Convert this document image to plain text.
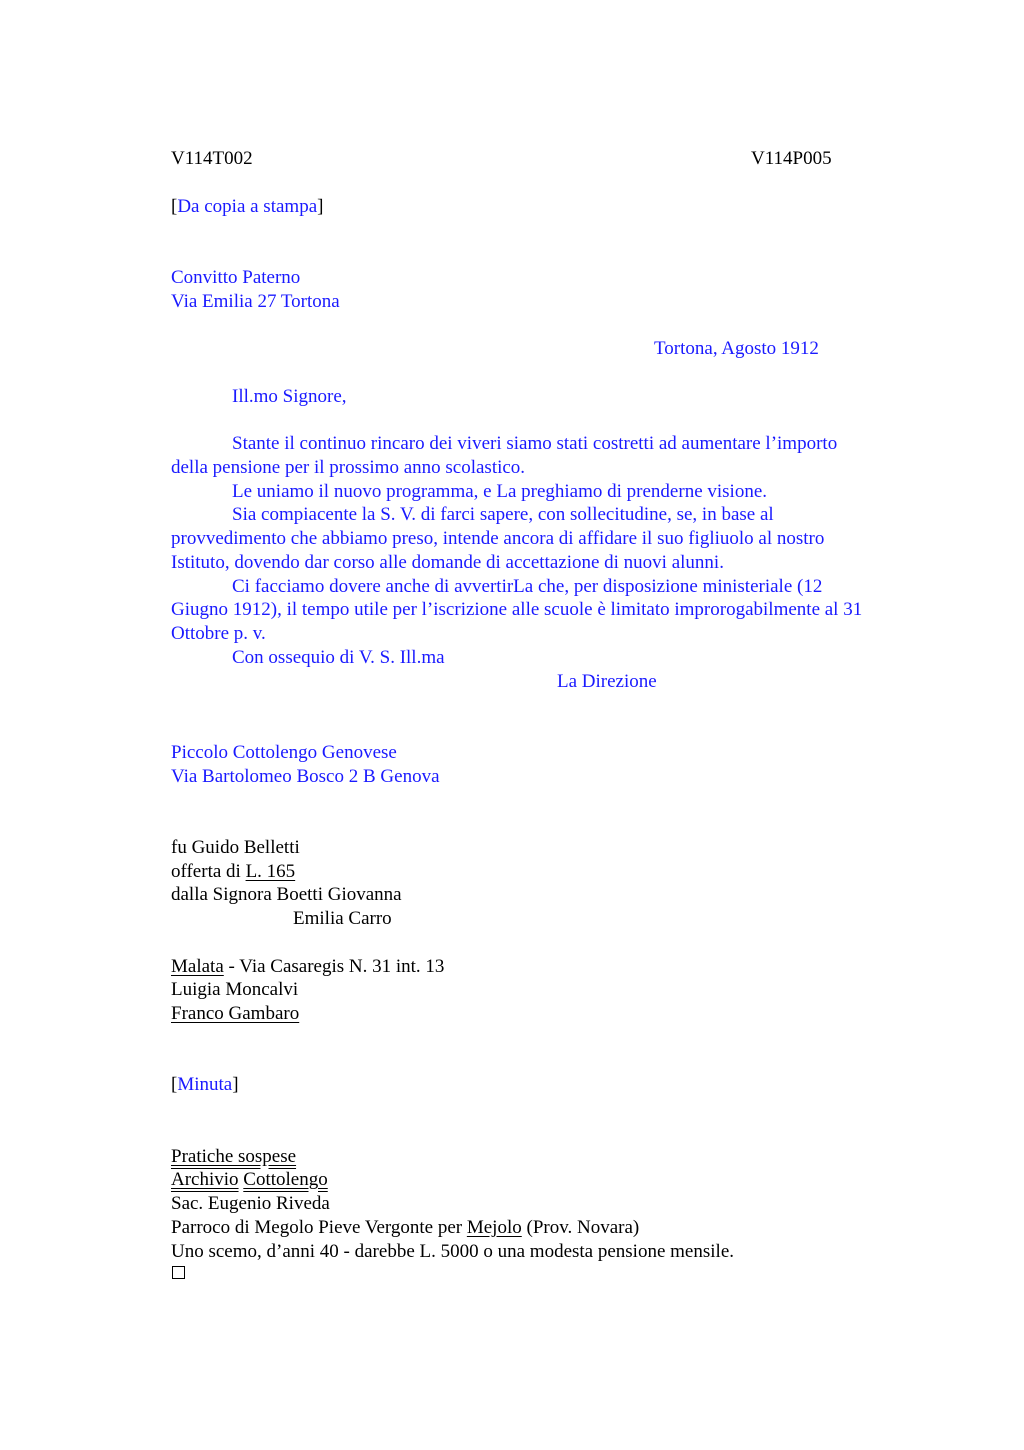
V114T002	V114P005
[Da copia a stampa]
Convitto Paterno
Via Emilia 27 Tortona
Tortona, Agosto 1912
Ill.mo Signore,
Stante il continuo rincaro dei viveri siamo stati costretti ad aumentare l’importo
della pensione per il prossimo anno scolastico.
Le uniamo il nuovo programma, e La preghiamo di prenderne visione.
Sia compiacente la S. V. di farci sapere, con sollecitudine, se, in base al
provvedimento che abbiamo preso, intende ancora di affidare il suo figliuolo al nostro
Istituto, dovendo dar corso alle domande di accettazione di nuovi alunni.
Ci facciamo dovere anche di avvertirLa che, per disposizione ministeriale (12
Giugno 1912), il tempo utile per l’iscrizione alle scuole è limitato improrogabilmente al 31
Ottobre p. v.
Con ossequio di V. S. Ill.ma
La Direzione
Piccolo Cottolengo Genovese
Via Bartolomeo Bosco 2 B Genova
fu Guido Belletti
offerta di L. 165
dalla Signora Boetti Giovanna
Emilia Carro
Malata - Via Casaregis N. 31 int. 13
Luigia Moncalvi
Franco Gambaro
[Minuta]
Pratiche sospese
Archivio Cottolengo
Sac. Eugenio Riveda
Parroco di Megolo Pieve Vergonte per Mejolo (Prov. Novara)
Uno scemo, d’anni 40 - darebbe L. 5000 o una modesta pensione mensile.
